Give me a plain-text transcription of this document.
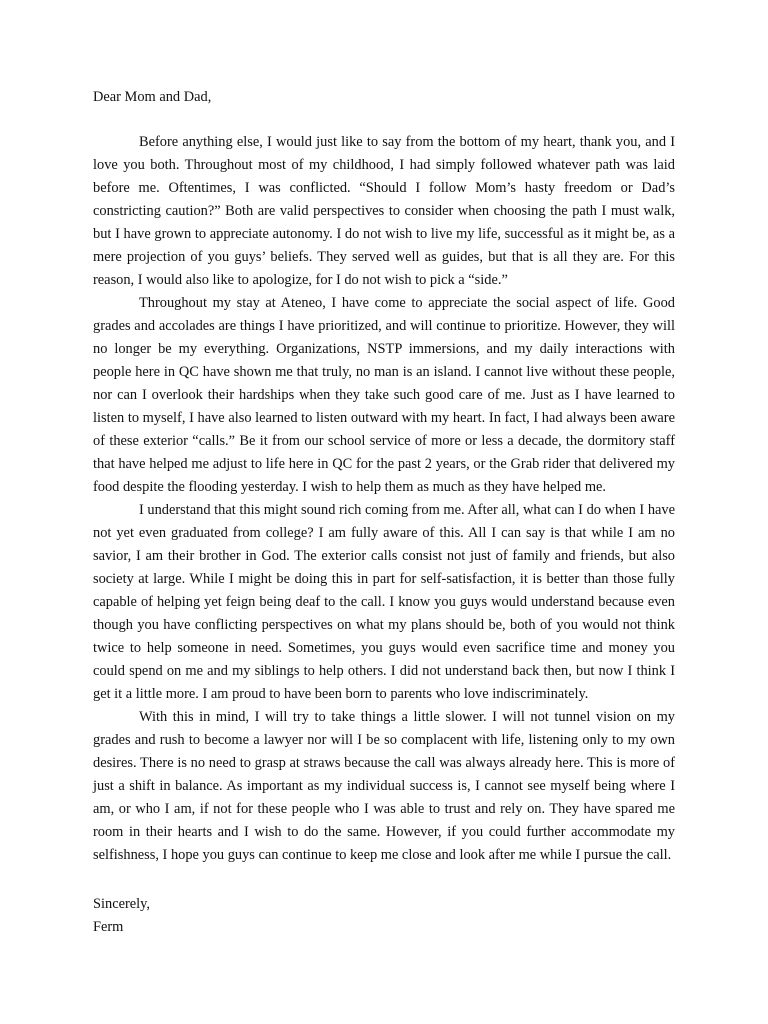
Dear Mom and Dad,

Before anything else, I would just like to say from the bottom of my heart, thank you, and I love you both. Throughout most of my childhood, I had simply followed whatever path was laid before me. Oftentimes, I was conflicted. “Should I follow Mom’s hasty freedom or Dad’s constricting caution?” Both are valid perspectives to consider when choosing the path I must walk, but I have grown to appreciate autonomy. I do not wish to live my life, successful as it might be, as a mere projection of you guys’ beliefs. They served well as guides, but that is all they are. For this reason, I would also like to apologize, for I do not wish to pick a “side.”

Throughout my stay at Ateneo, I have come to appreciate the social aspect of life. Good grades and accolades are things I have prioritized, and will continue to prioritize. However, they will no longer be my everything. Organizations, NSTP immersions, and my daily interactions with people here in QC have shown me that truly, no man is an island. I cannot live without these people, nor can I overlook their hardships when they take such good care of me. Just as I have learned to listen to myself, I have also learned to listen outward with my heart. In fact, I had always been aware of these exterior “calls.” Be it from our school service of more or less a decade, the dormitory staff that have helped me adjust to life here in QC for the past 2 years, or the Grab rider that delivered my food despite the flooding yesterday. I wish to help them as much as they have helped me.

I understand that this might sound rich coming from me. After all, what can I do when I have not yet even graduated from college? I am fully aware of this. All I can say is that while I am no savior, I am their brother in God. The exterior calls consist not just of family and friends, but also society at large. While I might be doing this in part for self-satisfaction, it is better than those fully capable of helping yet feign being deaf to the call. I know you guys would understand because even though you have conflicting perspectives on what my plans should be, both of you would not think twice to help someone in need. Sometimes, you guys would even sacrifice time and money you could spend on me and my siblings to help others. I did not understand back then, but now I think I get it a little more. I am proud to have been born to parents who love indiscriminately.

With this in mind, I will try to take things a little slower. I will not tunnel vision on my grades and rush to become a lawyer nor will I be so complacent with life, listening only to my own desires. There is no need to grasp at straws because the call was always already here. This is more of just a shift in balance. As important as my individual success is, I cannot see myself being where I am, or who I am, if not for these people who I was able to trust and rely on. They have spared me room in their hearts and I wish to do the same. However, if you could further accommodate my selfishness, I hope you guys can continue to keep me close and look after me while I pursue the call.

Sincerely,
Ferm
